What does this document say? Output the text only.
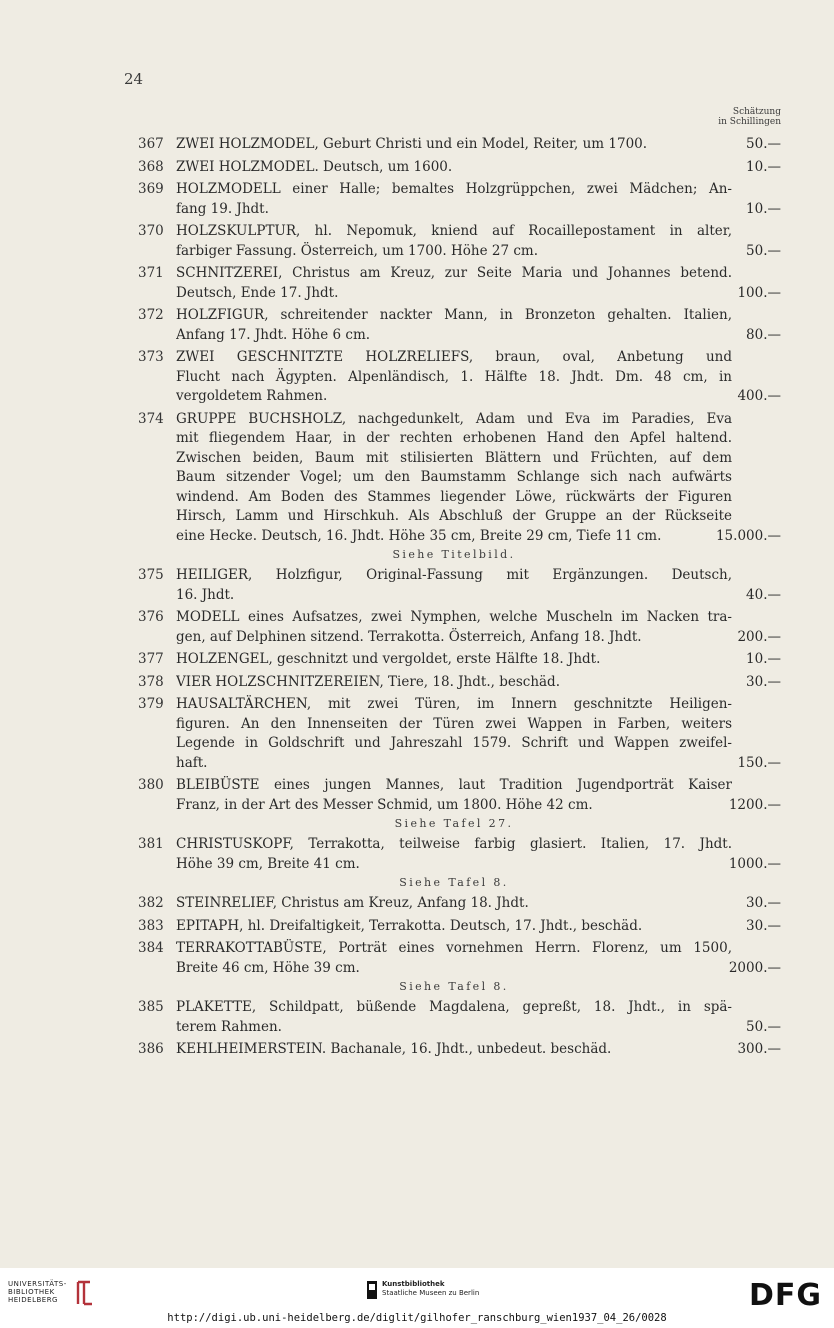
24
Schätzung
in Schillingen
367 ZWEI HOLZMODEL, Geburt Christi und ein Model, Reiter, um 1700.	50.—
368 ZWEI HOLZMODEL. Deutsch, um 1600.	10.—
369 HOLZMODELL einer Halle; bemaltes Holzgrüppchen, zwei Mädchen; An-
fang 19. Jhdt.	10.—
370 HOLZSKULPTUR, hl. Nepomuk, kniend auf Rocaillepostament in alter,
farbiger Fassung. Österreich, um 1700. Höhe 27 cm.	50.—
371 SCHNITZEREI, Christus am Kreuz, zur Seite Maria und Johannes betend.
Deutsch, Ende 17. Jhdt.	100.—
372 HOLZFIGUR, schreitender nackter Mann, in Bronzeton gehalten. Italien,
Anfang 17. Jhdt. Höhe 6 cm.	80.—
373 ZWEI GESCHNITZTE HOLZRELIEFS, braun, oval, Anbetung und
Flucht nach Ägypten. Alpenländisch, 1. Hälfte 18. Jhdt. Dm. 48 cm, in
vergoldetem Rahmen.	400.—
374 GRUPPE BUCHSHOLZ, nachgedunkelt, Adam und Eva im Paradies, Eva
mit fliegendem Haar, in der rechten erhobenen Hand den Apfel haltend.
Zwischen beiden, Baum mit stilisierten Blättern und Früchten, auf dem
Baum sitzender Vogel; um den Baumstamm Schlange sich nach aufwärts
windend. Am Boden des Stammes liegender Löwe, rückwärts der Figuren
Hirsch, Lamm und Hirschkuh. Als Abschluß der Gruppe an der Rückseite
eine Hecke. Deutsch, 16. Jhdt. Höhe 35 cm, Breite 29 cm, Tiefe 11 cm.	15.000.—
Siehe Titelbild.
375 HEILIGER, Holzfigur, Original-Fassung mit Ergänzungen. Deutsch,
16. Jhdt.	40.—
376 MODELL eines Aufsatzes, zwei Nymphen, welche Muscheln im Nacken tra-
gen, auf Delphinen sitzend. Terrakotta. Österreich, Anfang 18. Jhdt.	200.—
377 HOLZENGEL, geschnitzt und vergoldet, erste Hälfte 18. Jhdt.	10.—
378 VIER HOLZSCHNITZEREIEN, Tiere, 18. Jhdt., beschäd.	30.—
379 HAUSALTÄRCHEN, mit zwei Türen, im Innern geschnitzte Heiligen-
figuren. An den Innenseiten der Türen zwei Wappen in Farben, weiters
Legende in Goldschrift und Jahreszahl 1579. Schrift und Wappen zweifel-
haft.	150.—
380 BLEIBÜSTE eines jungen Mannes, laut Tradition Jugendporträt Kaiser
Franz, in der Art des Messer Schmid, um 1800. Höhe 42 cm.	1200.—
Siehe Tafel 27.
381 CHRISTUSKOPF, Terrakotta, teilweise farbig glasiert. Italien, 17. Jhdt.
Höhe 39 cm, Breite 41 cm.	1000.—
Siehe Tafel 8.
382 STEINRELIEF, Christus am Kreuz, Anfang 18. Jhdt.	30.—
383 EPITAPH, hl. Dreifaltigkeit, Terrakotta. Deutsch, 17. Jhdt., beschäd.	30.—
384 TERRAKOTTABÜSTE, Porträt eines vornehmen Herrn. Florenz, um 1500,
Breite 46 cm, Höhe 39 cm.	2000.—
Siehe Tafel 8.
385 PLAKETTE, Schildpatt, büßende Magdalena, gepreßt, 18. Jhdt., in spä-
terem Rahmen.	50.—
386 KEHLHEIMERSTEIN. Bachanale, 16. Jhdt., unbedeut. beschäd.	300.—
UNIVERSITÄTS-
BIBLIOTHEK
HEIDELBERG
Kunstbibliothek
Staatliche Museen zu Berlin	DFG
http://digi.ub.uni-heidelberg.de/diglit/gilhofer_ranschburg_wien1937_04_26/0028
